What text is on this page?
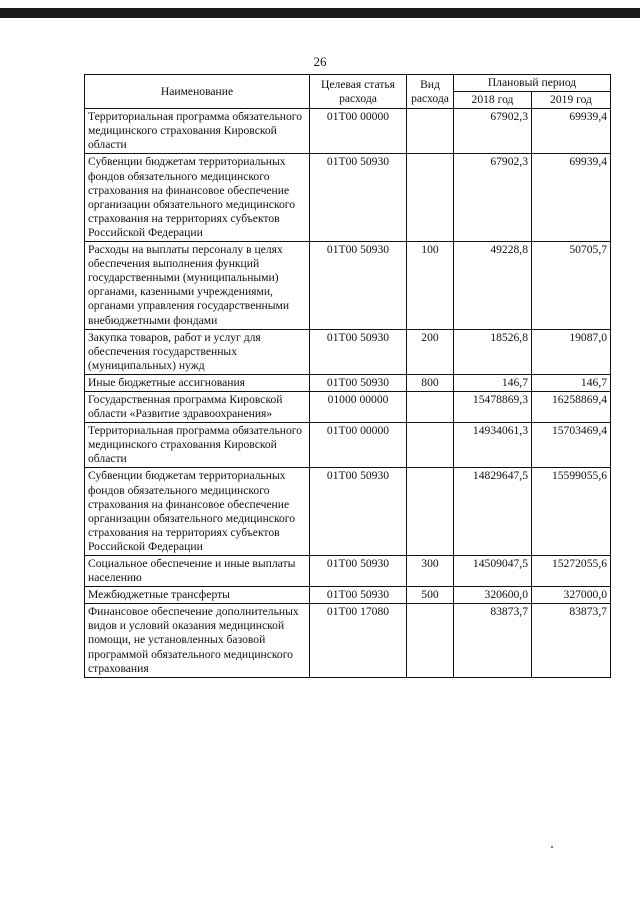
26
Наименование	Целевая статья расхода	Вид расхода	Плановый период	
			2018 год	2019 год
Территориальная программа обязательного медицинского страхования Кировской области	01Т00 00000		67902,3	69939,4
Субвенции бюджетам территориальных фондов обязательного медицинского страхования на финансовое обеспечение организации обязательного медицинского страхования на территориях субъектов Российской Федерации	01Т00 50930		67902,3	69939,4
Расходы на выплаты персоналу в целях обеспечения выполнения функций государственными (муниципальными) органами, казенными учреждениями, органами управления государственными внебюджетными фондами	01Т00 50930	100	49228,8	50705,7
Закупка товаров, работ и услуг для обеспечения государственных (муниципальных) нужд	01Т00 50930	200	18526,8	19087,0
Иные бюджетные ассигнования	01Т00 50930	800	146,7	146,7
Государственная программа Кировской области «Развитие здравоохранения»	01000 00000		15478869,3	16258869,4
Территориальная программа обязательного медицинского страхования Кировской области	01Т00 00000		14934061,3	15703469,4
Субвенции бюджетам территориальных фондов обязательного медицинского страхования на финансовое обеспечение организации обязательного медицинского страхования на территориях субъектов Российской Федерации	01Т00 50930		14829647,5	15599055,6
Социальное обеспечение и иные выплаты населению	01Т00 50930	300	14509047,5	15272055,6
Межбюджетные трансферты	01Т00 50930	500	320600,0	327000,0
Финансовое обеспечение дополнительных видов и условий оказания медицинской помощи, не установленных базовой программой обязательного медицинского страхования	01Т00 17080		83873,7	83873,7
